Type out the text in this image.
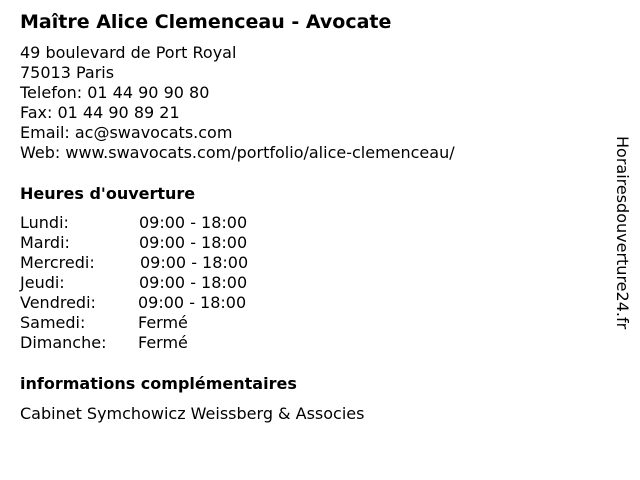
Maître Alice Clemenceau - Avocate
49 boulevard de Port Royal
75013 Paris
Telefon: 01 44 90 90 80
Fax: 01 44 90 89 21
Email: ac@swavocats.com
Web: www.swavocats.com/portfolio/alice-clemenceau/
Heures d'ouverture
Lundi:	09:00 - 18:00
Mardi:	09:00 - 18:00
Mercredi:	09:00 - 18:00
Jeudi:	09:00 - 18:00
Vendredi:	09:00 - 18:00
Samedi:	Fermé
Dimanche: Fermé
informations complémentaires
Cabinet Symchowicz Weissberg & Associes
Horairesdouverture24.fr
